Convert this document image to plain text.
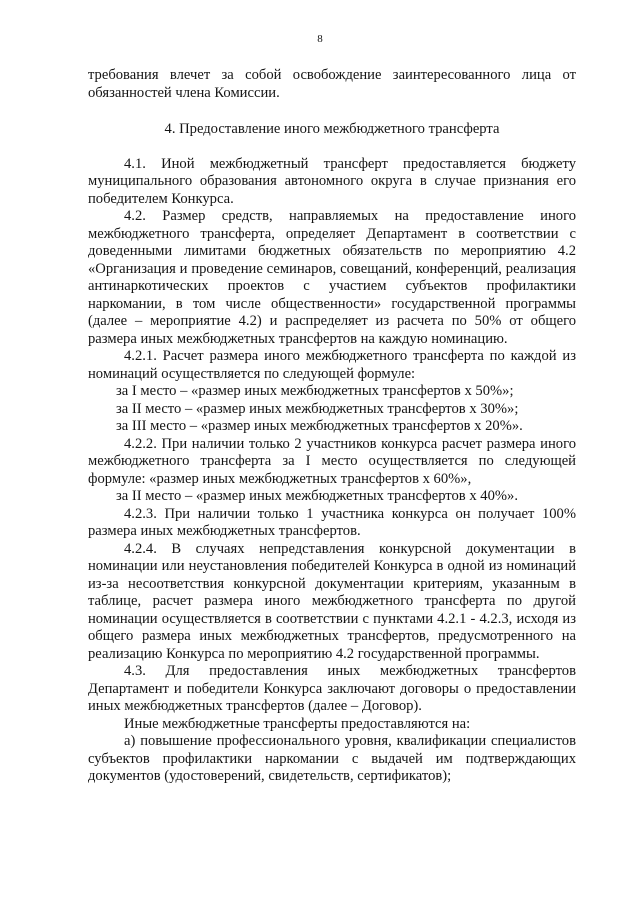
8

требования влечет за собой освобождение заинтересованного лица от обязанностей члена Комиссии.

4. Предоставление иного межбюджетного трансферта

4.1. Иной межбюджетный трансферт предоставляется бюджету муниципального образования автономного округа в случае признания его победителем Конкурса.

4.2. Размер средств, направляемых на предоставление иного межбюджетного трансферта, определяет Департамент в соответствии с доведенными лимитами бюджетных обязательств по мероприятию 4.2 «Организация и проведение семинаров, совещаний, конференций, реализация антинаркотических проектов с участием субъектов профилактики наркомании, в том числе общественности» государственной программы (далее – мероприятие 4.2) и распределяет из расчета по 50% от общего размера иных межбюджетных трансфертов на каждую номинацию.

4.2.1. Расчет размера иного межбюджетного трансферта по каждой из номинаций осуществляется по следующей формуле:

за I место – «размер иных межбюджетных трансфертов х 50%»;

за II место – «размер иных межбюджетных трансфертов х 30%»;

за III место – «размер иных межбюджетных трансфертов х 20%».

4.2.2. При наличии только 2 участников конкурса расчет размера иного межбюджетного трансферта за I место осуществляется по следующей формуле: «размер иных межбюджетных трансфертов х 60%»,

за II место – «размер иных межбюджетных трансфертов х 40%».

4.2.3. При наличии только 1 участника конкурса он получает 100% размера иных межбюджетных трансфертов.

4.2.4. В случаях непредставления конкурсной документации в номинации или неустановления победителей Конкурса в одной из номинаций из-за несоответствия конкурсной документации критериям, указанным в таблице, расчет размера иного межбюджетного трансферта по другой номинации осуществляется в соответствии с пунктами 4.2.1 - 4.2.3, исходя из общего размера иных межбюджетных трансфертов, предусмотренного на реализацию Конкурса по мероприятию 4.2 государственной программы.

4.3. Для предоставления иных межбюджетных трансфертов Департамент и победители Конкурса заключают договоры о предоставлении иных межбюджетных трансфертов (далее – Договор).

Иные межбюджетные трансферты предоставляются на:

а) повышение профессионального уровня, квалификации специалистов субъектов профилактики наркомании с выдачей им подтверждающих документов (удостоверений, свидетельств, сертификатов);
